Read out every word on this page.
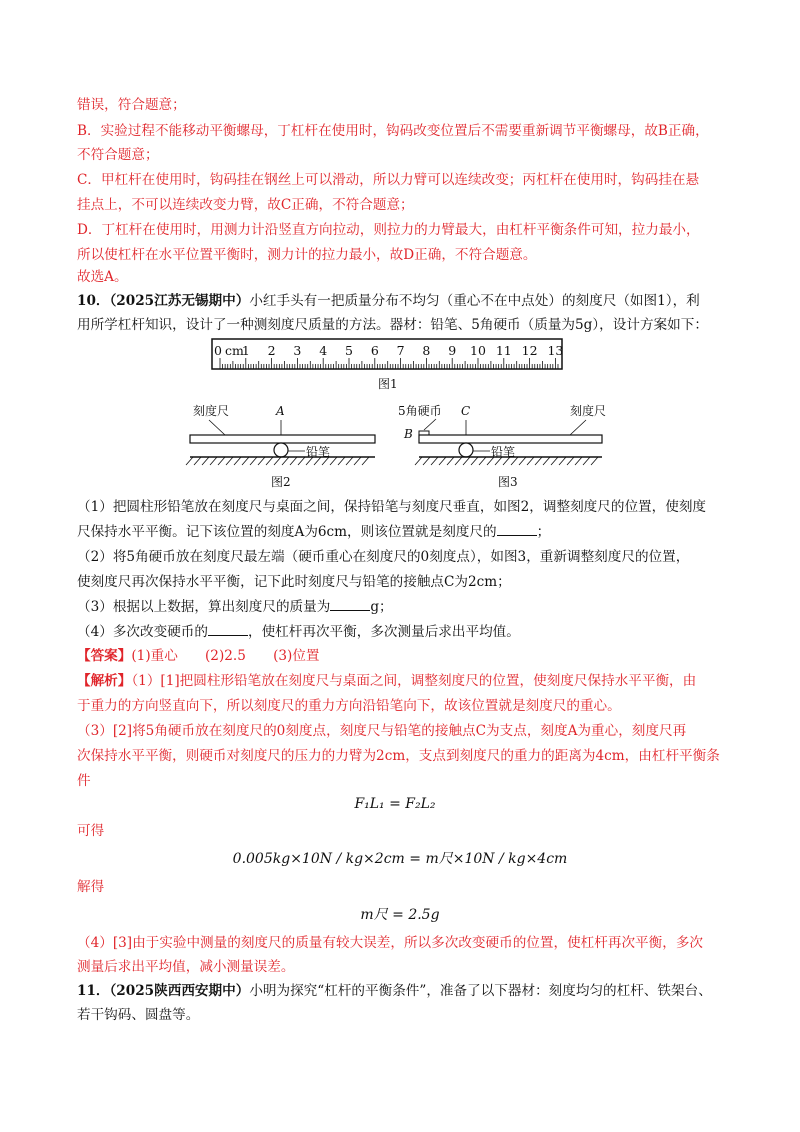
错误，符合题意；
B．实验过程不能移动平衡螺母，丁杠杆在使用时，钩码改变位置后不需要重新调节平衡螺母，故B正确，
不符合题意；
C．甲杠杆在使用时，钩码挂在钢丝上可以滑动，所以力臂可以连续改变；丙杠杆在使用时，钩码挂在悬
挂点上，不可以连续改变力臂，故C正确，不符合题意；
D．丁杠杆在使用时，用测力计沿竖直方向拉动，则拉力的力臂最大，由杠杆平衡条件可知，拉力最小，
所以使杠杆在水平位置平衡时，测力计的拉力最小，故D正确，不符合题意。
故选A。
10．（2025江苏无锡期中）小红手头有一把质量分布不均匀（重心不在中点处）的刻度尺（如图1），利
用所学杠杆知识，设计了一种测刻度尺质量的方法。器材：铅笔、5角硬币（质量为5g），设计方案如下：
1 2 3 4 5 6 7 8 9 10 11 12 13
0 cm
图1
刻度尺	A
铅笔
图2
5角硬币
B
C	刻度尺
铅笔
图3
（1）把圆柱形铅笔放在刻度尺与桌面之间，保持铅笔与刻度尺垂直，如图2，调整刻度尺的位置，使刻度
尺保持水平平衡。记下该位置的刻度A为6cm，则该位置就是刻度尺的	；
（2）将5角硬币放在刻度尺最左端（硬币重心在刻度尺的0刻度点），如图3，重新调整刻度尺的位置，
使刻度尺再次保持水平平衡，记下此时刻度尺与铅笔的接触点C为2cm；
（3）根据以上数据，算出刻度尺的质量为	g；
（4）多次改变硬币的	，使杠杆再次平衡，多次测量后求出平均值。
【答案】(1)重心　　(2)2.5　　(3)位置
【解析】（1）[1]把圆柱形铅笔放在刻度尺与桌面之间，调整刻度尺的位置，使刻度尺保持水平平衡，由
于重力的方向竖直向下，所以刻度尺的重力方向沿铅笔向下，故该位置就是刻度尺的重心。
（3）[2]将5角硬币放在刻度尺的0刻度点，刻度尺与铅笔的接触点C为支点，刻度A为重心，刻度尺再
次保持水平平衡，则硬币对刻度尺的压力的力臂为2cm，支点到刻度尺的重力的距离为4cm，由杠杆平衡条
件
F₁L₁ = F₂L₂
可得
0.005kg×10N / kg×2cm = m尺×10N / kg×4cm
解得
m尺 = 2.5g
（4）[3]由于实验中测量的刻度尺的质量有较大误差，所以多次改变硬币的位置，使杠杆再次平衡，多次
测量后求出平均值，减小测量误差。
11．（2025陕西西安期中）小明为探究“杠杆的平衡条件”，准备了以下器材：刻度均匀的杠杆、铁架台、
若干钩码、圆盘等。
